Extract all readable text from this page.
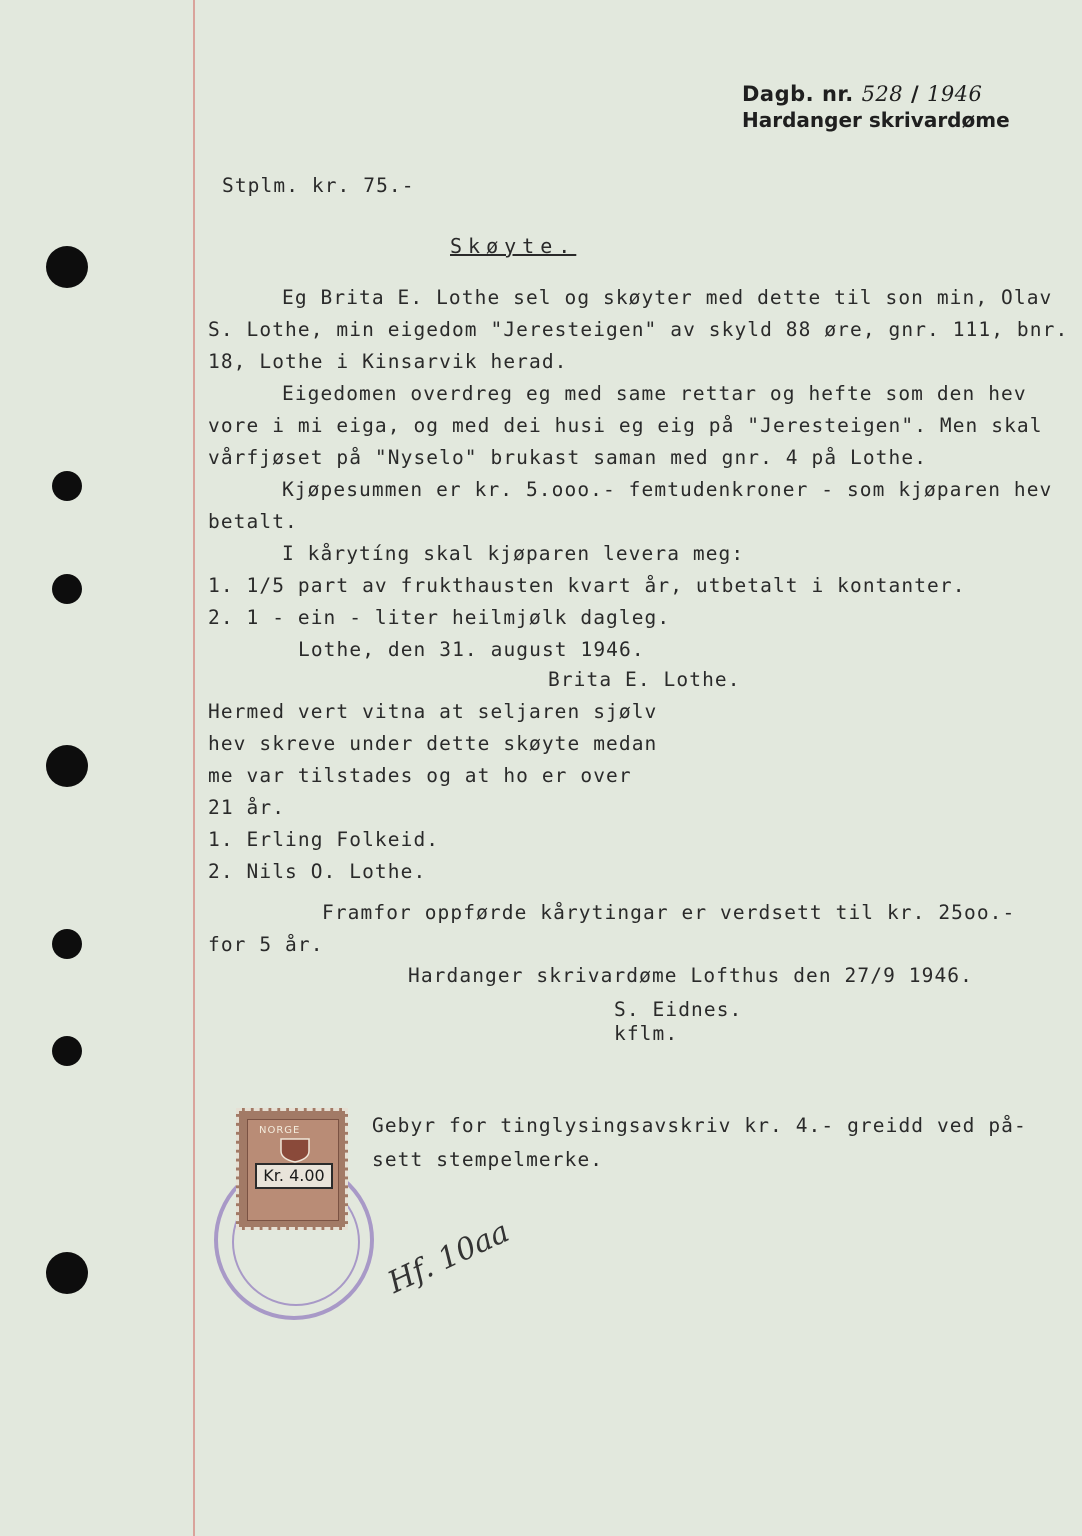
Dagb. nr. 528 / 1946
Hardanger skrivardøme
Stplm. kr. 75.-
Skøyte.
Eg Brita E. Lothe sel og skøyter med dette til son min, Olav
S. Lothe, min eigedom "Jeresteigen" av skyld 88 øre, gnr. 111, bnr.
18, Lothe i Kinsarvik herad.
Eigedomen overdreg eg med same rettar og hefte som den hev
vore i mi eiga, og med dei husi eg eig på "Jeresteigen". Men skal
vårfjøset på "Nyselo" brukast saman med gnr. 4 på Lothe.
Kjøpesummen er kr. 5.ooo.- femtudenkroner - som kjøparen hev
betalt.
I kårytíng skal kjøparen levera meg:
1. 1/5 part av frukthausten kvart år, utbetalt i kontanter.
2. 1 - ein - liter heilmjølk dagleg.
Lothe, den 31. august 1946.
Brita E. Lothe.
Hermed vert vitna at seljaren sjølv
hev skreve under dette skøyte medan
me var tilstades og at ho er over
21 år.
1. Erling Folkeid.
2. Nils O. Lothe.
Framfor oppførde kårytingar er verdsett til kr. 25oo.-
for 5 år.
Hardanger skrivardøme Lofthus den 27/9 1946.
S. Eidnes.
kflm.
Gebyr for tinglysingsavskriv kr. 4.- greidd ved på-
sett stempelmerke.
NORGE
Kr. 4.00
Hf. 10aa
